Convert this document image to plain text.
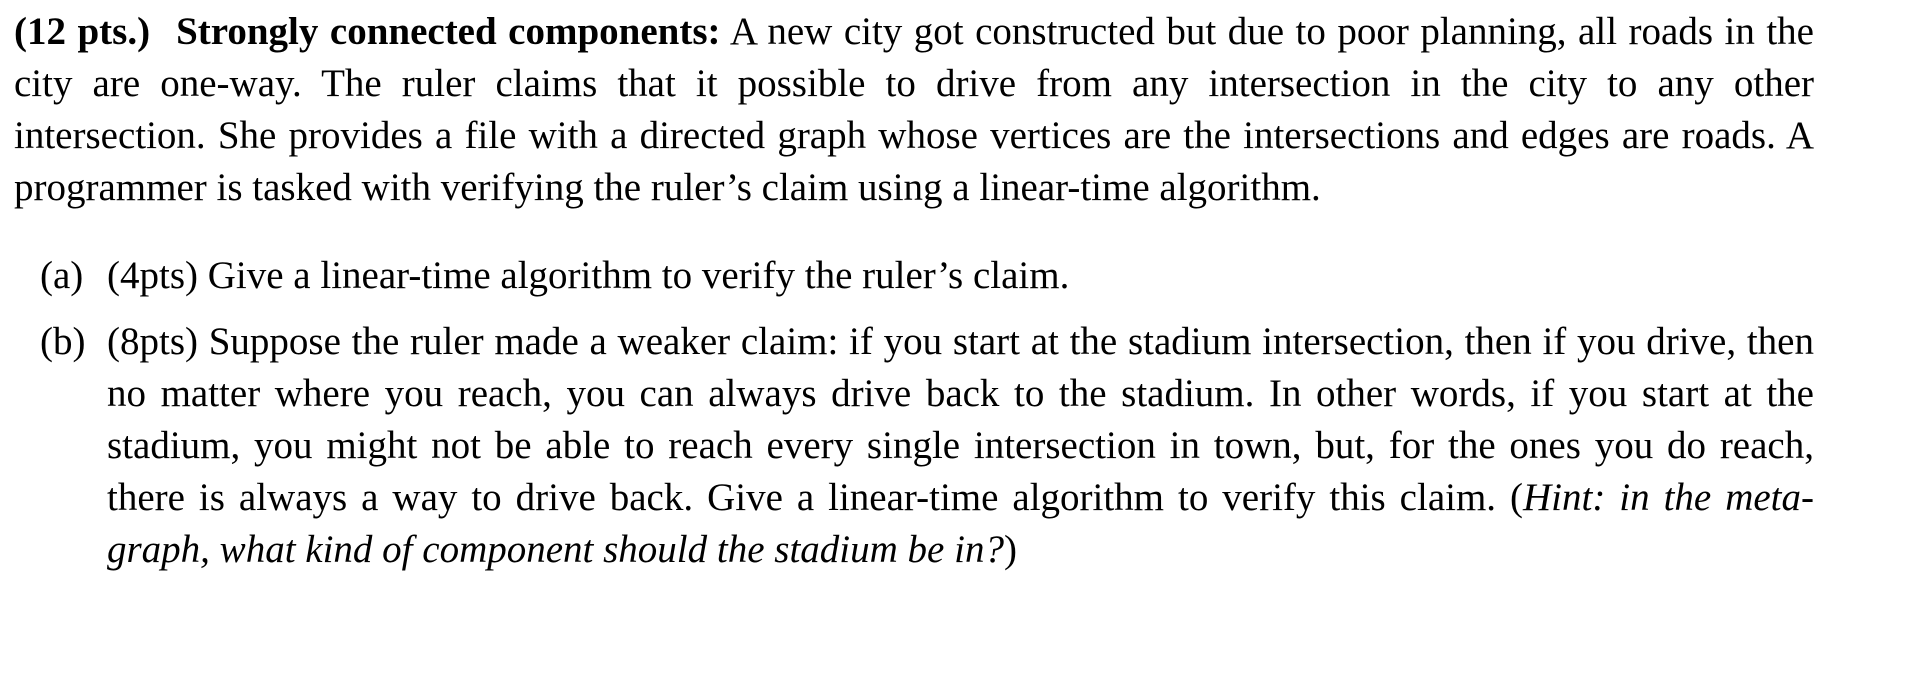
(12 pts.) Strongly connected components: A new city got constructed but due to poor planning, all roads in the city are one-way. The ruler claims that it possible to drive from any intersection in the city to any other intersection. She provides a file with a directed graph whose vertices are the intersections and edges are roads. A programmer is tasked with verifying the ruler’s claim using a linear-time algorithm.

(a) (4pts) Give a linear-time algorithm to verify the ruler’s claim.
(b) (8pts) Suppose the ruler made a weaker claim: if you start at the stadium intersection, then if you drive, then no matter where you reach, you can always drive back to the stadium. In other words, if you start at the stadium, you might not be able to reach every single intersection in town, but, for the ones you do reach, there is always a way to drive back. Give a linear-time algorithm to verify this claim. (Hint: in the meta-graph, what kind of component should the stadium be in?)
